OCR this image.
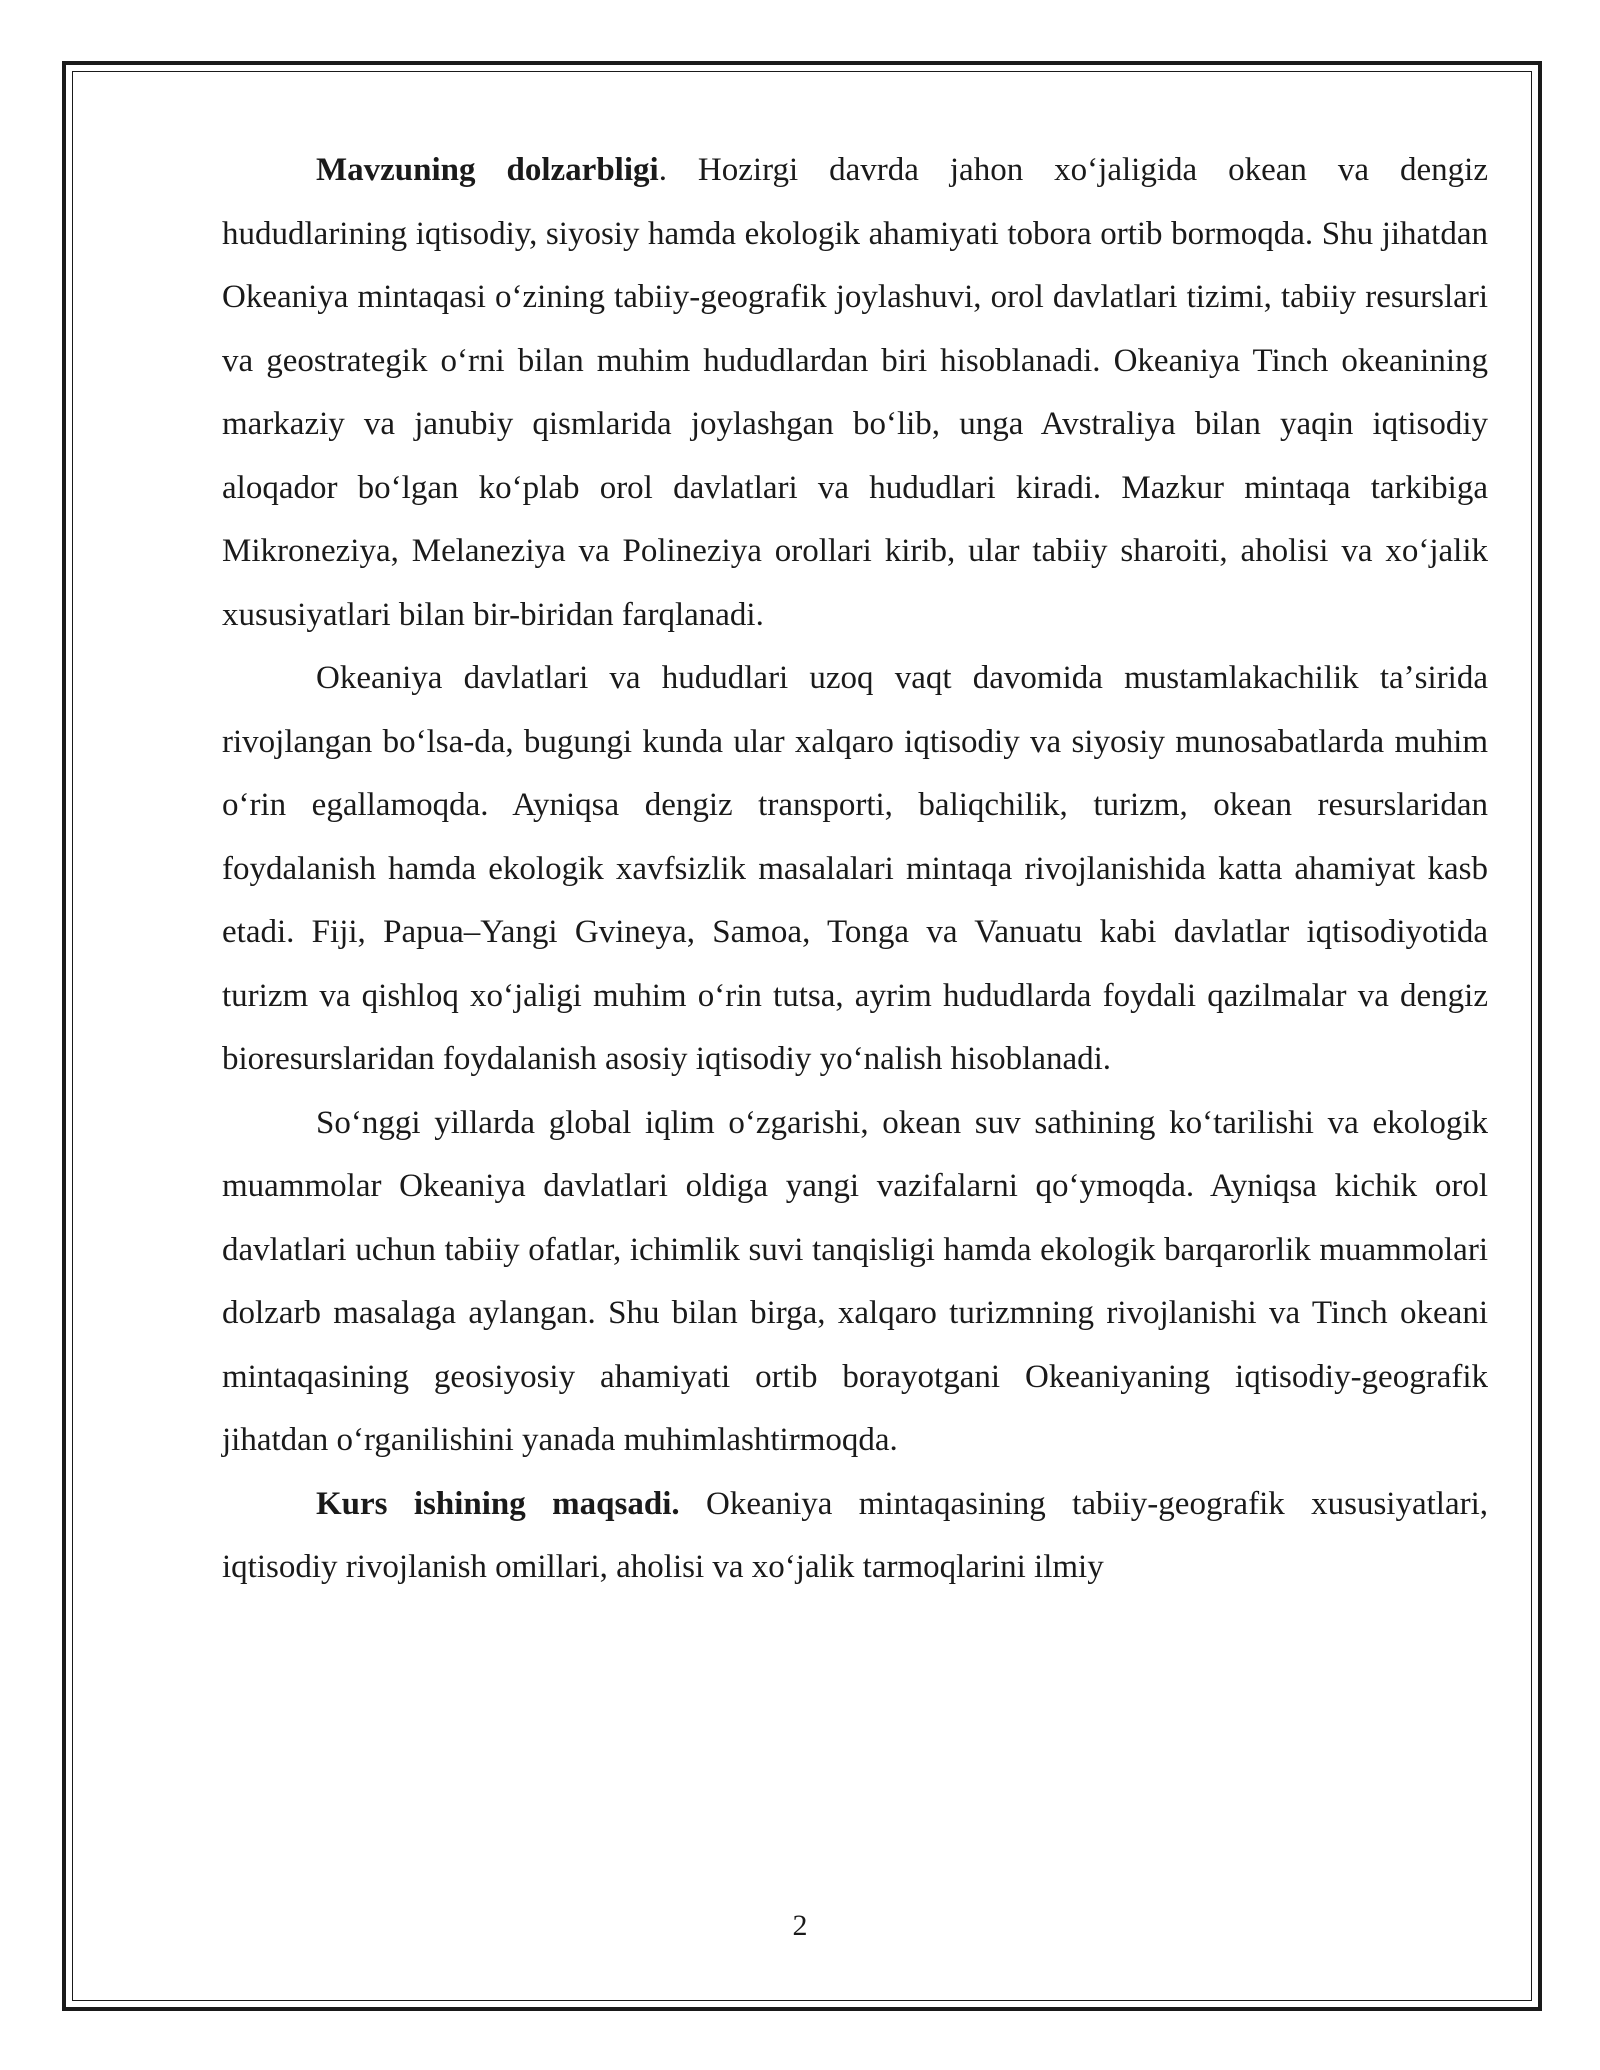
Mavzuning dolzarbligi. Hozirgi davrda jahon xoʻjaligida okean va dengiz hududlarining iqtisodiy, siyosiy hamda ekologik ahamiyati tobora ortib bormoqda. Shu jihatdan Okeaniya mintaqasi oʻzining tabiiy-geografik joylashuvi, orol davlatlari tizimi, tabiiy resurslari va geostrategik oʻrni bilan muhim hududlardan biri hisoblanadi. Okeaniya Tinch okeanining markaziy va janubiy qismlarida joylashgan boʻlib, unga Avstraliya bilan yaqin iqtisodiy aloqador boʻlgan koʻplab orol davlatlari va hududlari kiradi. Mazkur mintaqa tarkibiga Mikroneziya, Melaneziya va Polineziya orollari kirib, ular tabiiy sharoiti, aholisi va xoʻjalik xususiyatlari bilan bir-biridan farqlanadi.

Okeaniya davlatlari va hududlari uzoq vaqt davomida mustamlakachilik taʼsirida rivojlangan boʻlsa-da, bugungi kunda ular xalqaro iqtisodiy va siyosiy munosabatlarda muhim oʻrin egallamoqda. Ayniqsa dengiz transporti, baliqchilik, turizm, okean resurslaridan foydalanish hamda ekologik xavfsizlik masalalari mintaqa rivojlanishida katta ahamiyat kasb etadi. Fiji, Papua–Yangi Gvineya, Samoa, Tonga va Vanuatu kabi davlatlar iqtisodiyotida turizm va qishloq xoʻjaligi muhim oʻrin tutsa, ayrim hududlarda foydali qazilmalar va dengiz bioresurslaridan foydalanish asosiy iqtisodiy yoʻnalish hisoblanadi.

Soʻnggi yillarda global iqlim oʻzgarishi, okean suv sathining koʻtarilishi va ekologik muammolar Okeaniya davlatlari oldiga yangi vazifalarni qoʻymoqda. Ayniqsa kichik orol davlatlari uchun tabiiy ofatlar, ichimlik suvi tanqisligi hamda ekologik barqarorlik muammolari dolzarb masalaga aylangan. Shu bilan birga, xalqaro turizmning rivojlanishi va Tinch okeani mintaqasining geosiyosiy ahamiyati ortib borayotgani Okeaniyaning iqtisodiy-geografik jihatdan oʻrganilishini yanada muhimlashtirmoqda.

Kurs ishining maqsadi. Okeaniya mintaqasining tabiiy-geografik xususiyatlari, iqtisodiy rivojlanish omillari, aholisi va xoʻjalik tarmoqlarini ilmiy

2
